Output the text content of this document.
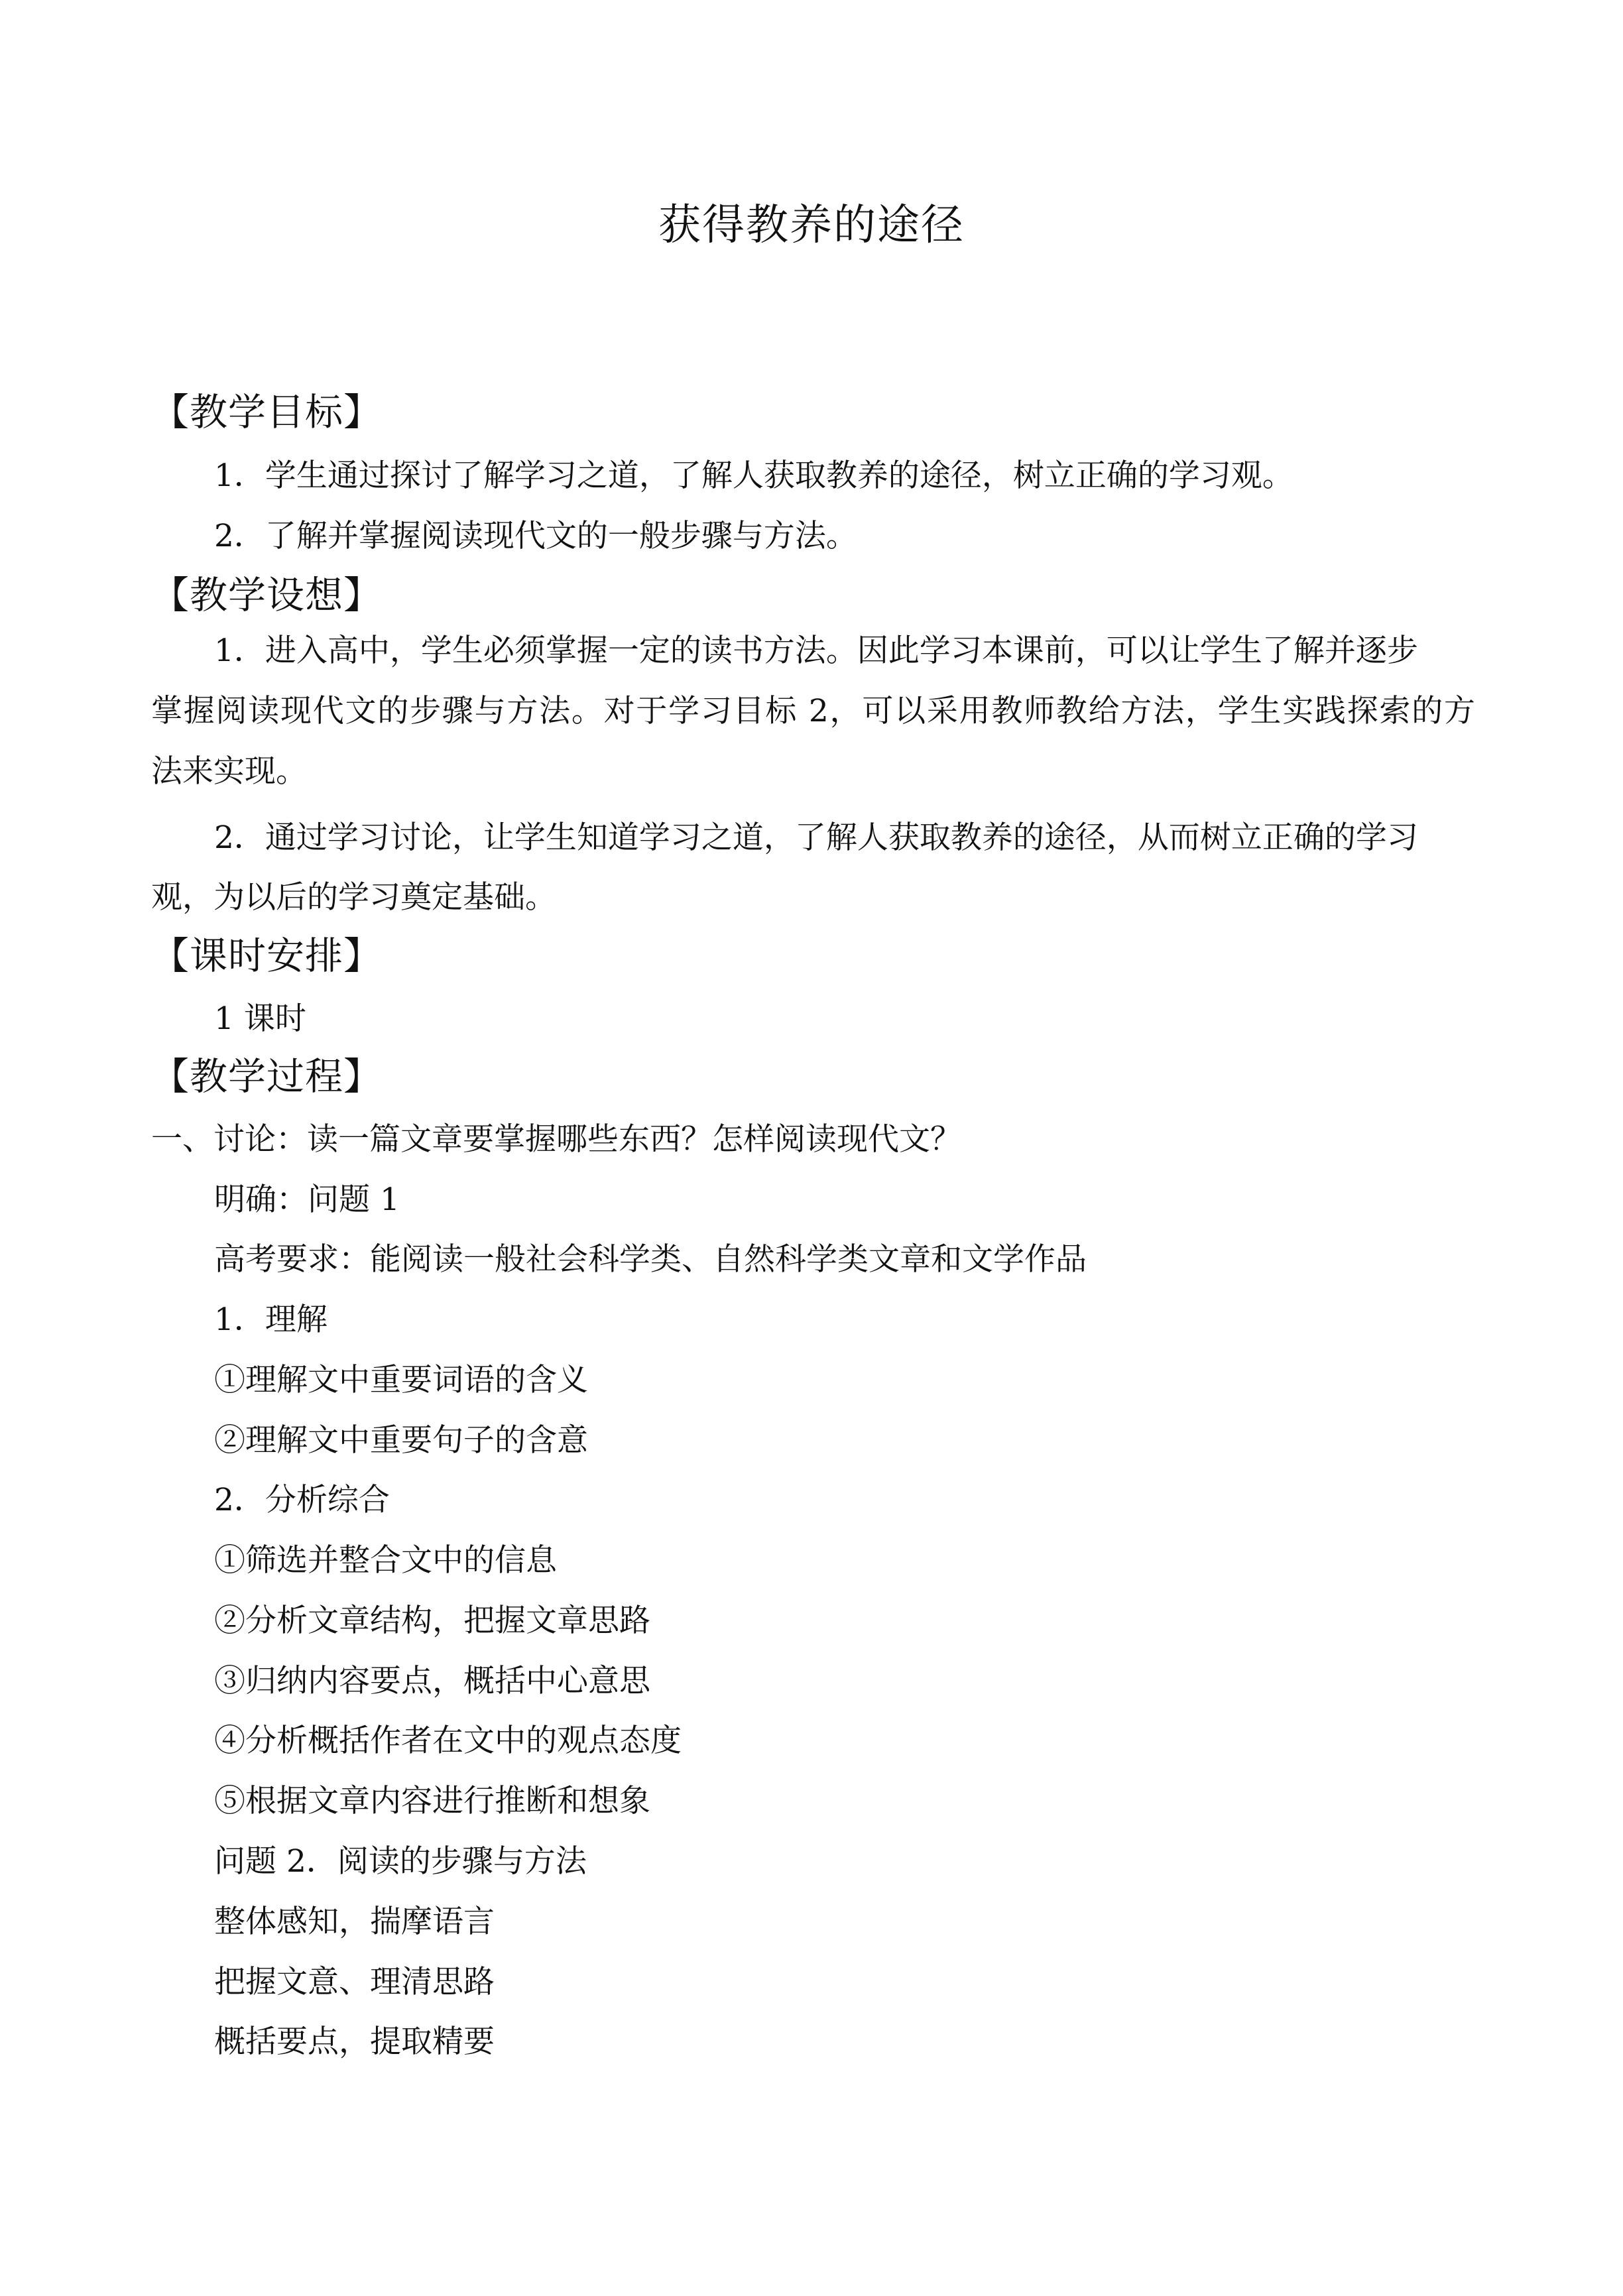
获得教养的途径
【教学目标】
1．学生通过探讨了解学习之道，了解人获取教养的途径，树立正确的学习观。
2．了解并掌握阅读现代文的一般步骤与方法。
【教学设想】
1．进入高中，学生必须掌握一定的读书方法。因此学习本课前，可以让学生了解并逐步
掌握阅读现代文的步骤与方法。对于学习目标 2，可以采用教师教给方法，学生实践探索的方
法来实现。
2．通过学习讨论，让学生知道学习之道，了解人获取教养的途径，从而树立正确的学习
观，为以后的学习奠定基础。
【课时安排】
1 课时
【教学过程】
一、讨论：读一篇文章要掌握哪些东西？怎样阅读现代文？
明确：问题 1
高考要求：能阅读一般社会科学类、自然科学类文章和文学作品
1．理解
①理解文中重要词语的含义
②理解文中重要句子的含意
2．分析综合
①筛选并整合文中的信息
②分析文章结构，把握文章思路
③归纳内容要点，概括中心意思
④分析概括作者在文中的观点态度
⑤根据文章内容进行推断和想象
问题 2．阅读的步骤与方法
整体感知，揣摩语言
把握文意、理清思路
概括要点，提取精要
